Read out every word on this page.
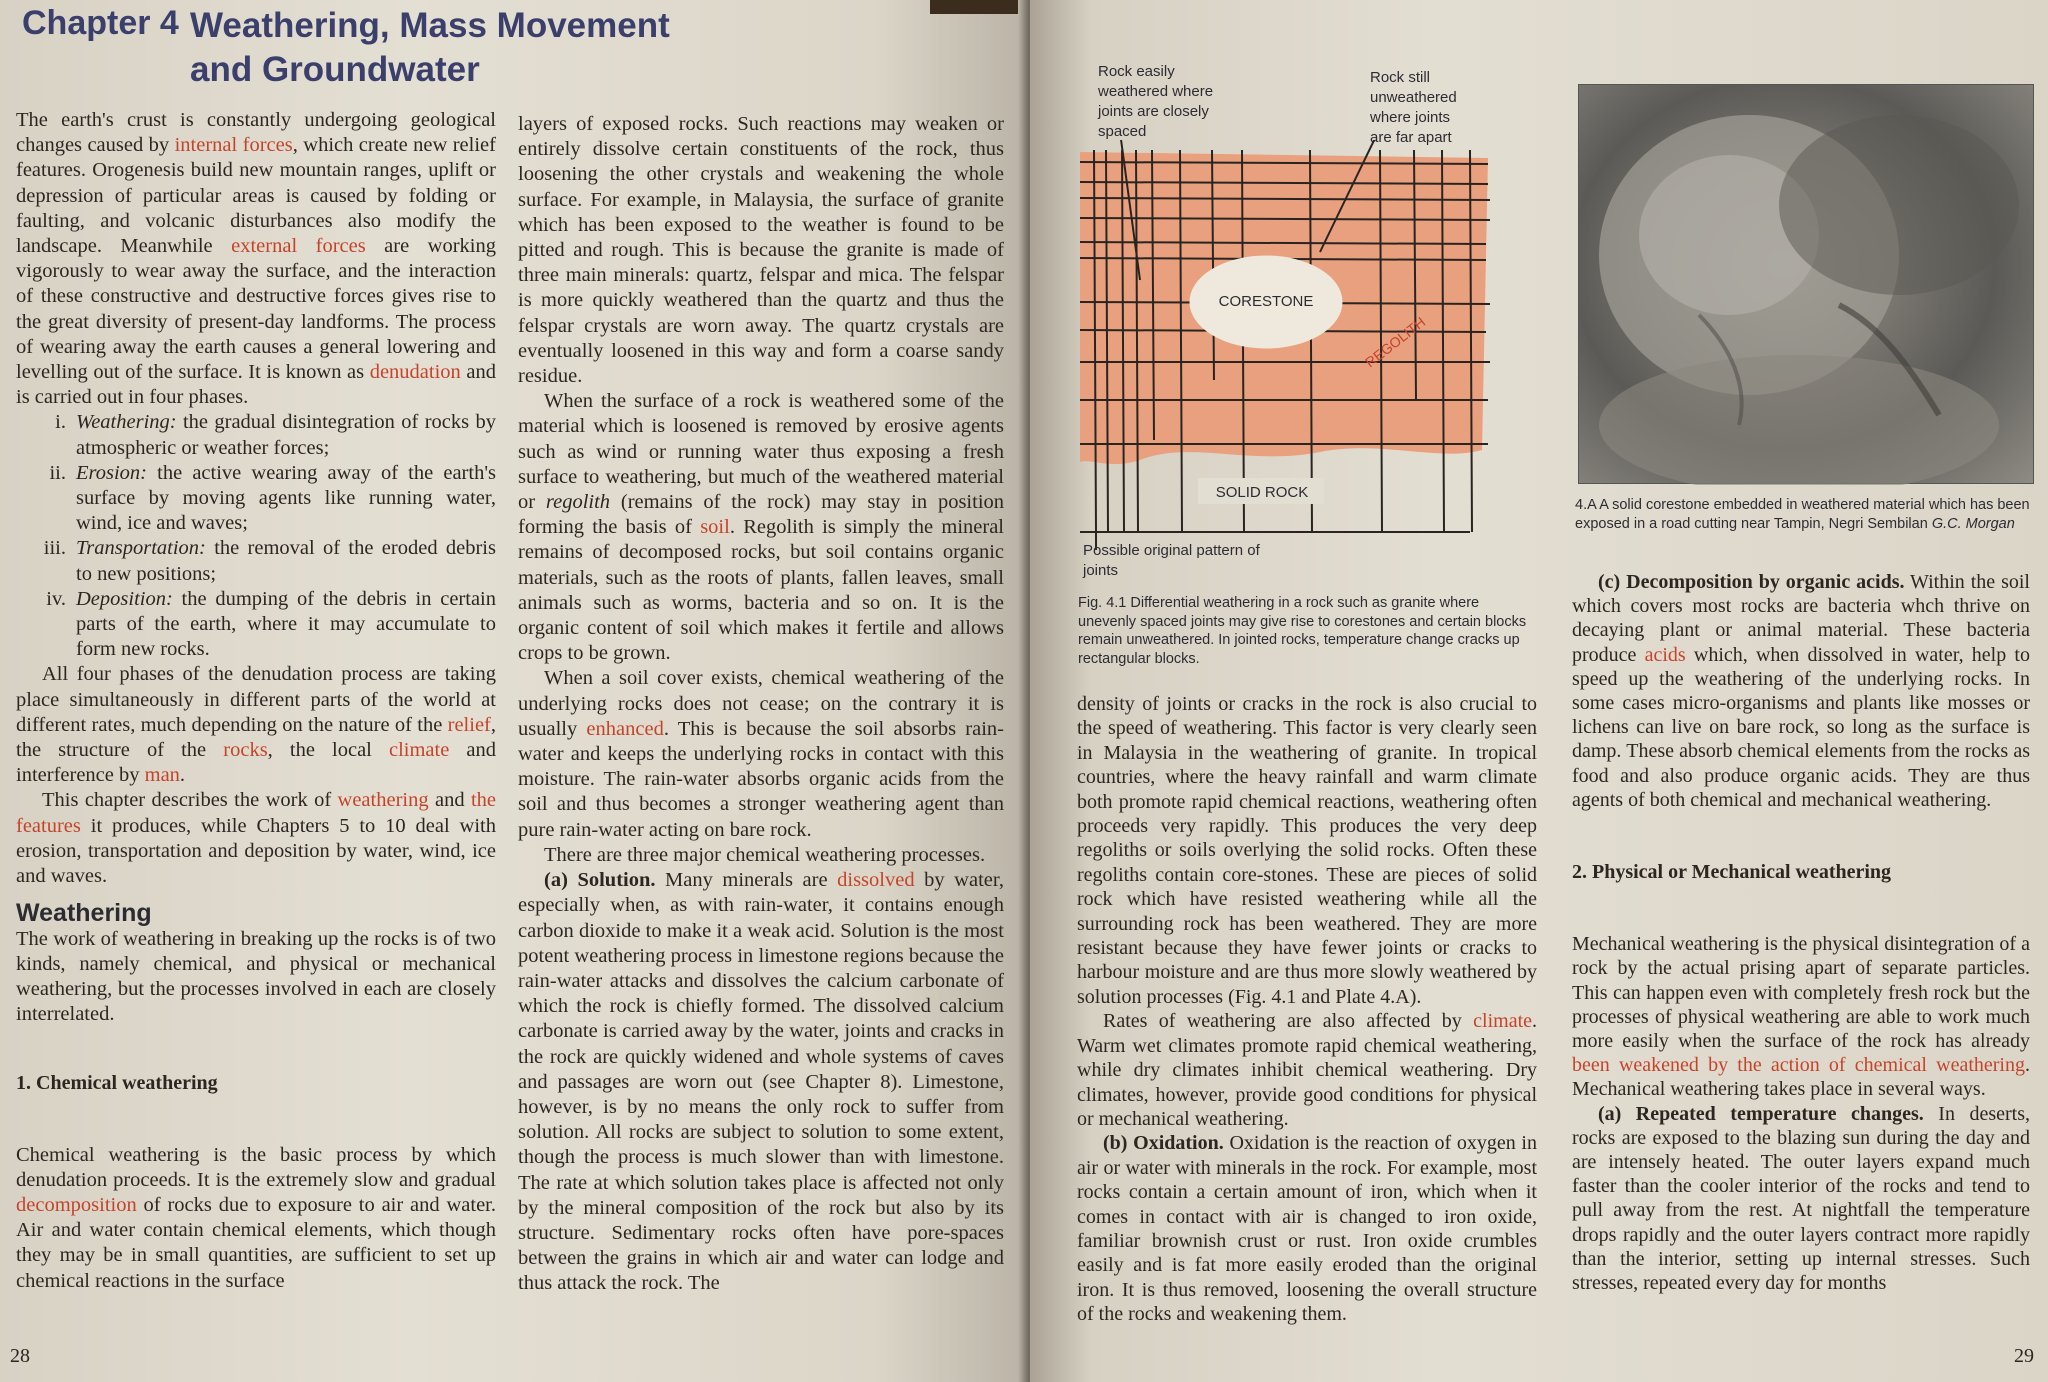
Chapter 4 Weathering, Mass Movement and Groundwater

The earth's crust is constantly undergoing geological changes caused by internal forces, which create new relief features. Orogenesis build new mountain ranges, uplift or depression of particular areas is caused by folding or faulting, and volcanic disturbances also modify the landscape. Meanwhile external forces are working vigorously to wear away the surface, and the interaction of these constructive and destructive forces gives rise to the great diversity of present-day landforms. The process of wearing away the earth causes a general lowering and levelling out of the surface. It is known as denudation and is carried out in four phases.

i. Weathering: the gradual disintegration of rocks by atmospheric or weather forces;
ii. Erosion: the active wearing away of the earth's surface by moving agents like running water, wind, ice and waves;
iii. Transportation: the removal of the eroded debris to new positions;
iv. Deposition: the dumping of the debris in certain parts of the earth, where it may accumulate to form new rocks.

All four phases of the denudation process are taking place simultaneously in different parts of the world at different rates, much depending on the nature of the relief, the structure of the rocks, the local climate and interference by man.

This chapter describes the work of weathering and the features it produces, while Chapters 5 to 10 deal with erosion, transportation and deposition by water, wind, ice and waves.

Weathering

The work of weathering in breaking up the rocks is of two kinds, namely chemical, and physical or mechanical weathering, but the processes involved in each are closely interrelated.

1. Chemical weathering

Chemical weathering is the basic process by which denudation proceeds. It is the extremely slow and gradual decomposition of rocks due to exposure to air and water. Air and water contain chemical elements, which though they may be in small quantities, are sufficient to set up chemical reactions in the surface

layers of exposed rocks. Such reactions may weaken or entirely dissolve certain constituents of the rock, thus loosening the other crystals and weakening the whole surface. For example, in Malaysia, the surface of granite which has been exposed to the weather is found to be pitted and rough. This is because the granite is made of three main minerals: quartz, felspar and mica. The felspar is more quickly weathered than the quartz and thus the felspar crystals are worn away. The quartz crystals are eventually loosened in this way and form a coarse sandy residue.

When the surface of a rock is weathered some of the material which is loosened is removed by erosive agents such as wind or running water thus exposing a fresh surface to weathering, but much of the weathered material or regolith (remains of the rock) may stay in position forming the basis of soil. Regolith is simply the mineral remains of decomposed rocks, but soil contains organic materials, such as the roots of plants, fallen leaves, small animals such as worms, bacteria and so on. It is the organic content of soil which makes it fertile and allows crops to be grown.

When a soil cover exists, chemical weathering of the underlying rocks does not cease; on the contrary it is usually enhanced. This is because the soil absorbs rain-water and keeps the underlying rocks in contact with this moisture. The rain-water absorbs organic acids from the soil and thus becomes a stronger weathering agent than pure rain-water acting on bare rock.

There are three major chemical weathering processes.

(a) Solution. Many minerals are dissolved by water, especially when, as with rain-water, it contains enough carbon dioxide to make it a weak acid. Solution is the most potent weathering process in limestone regions because the rain-water attacks and dissolves the calcium carbonate of which the rock is chiefly formed. The dissolved calcium carbonate is carried away by the water, joints and cracks in the rock are quickly widened and whole systems of caves and passages are worn out (see Chapter 8). Limestone, however, is by no means the only rock to suffer from solution. All rocks are subject to solution to some extent, though the process is much slower than with limestone. The rate at which solution takes place is affected not only by the mineral composition of the rock but also by its structure. Sedimentary rocks often have pore-spaces between the grains in which air and water can lodge and thus attack the rock. The

28	29
Rock easily weathered where joints are closely spaced
Rock still unweathered where joints are far apart
CORESTONE
REGOLITH
SOLID ROCK
Possible original pattern of joints
Fig. 4.1 Differential weathering in a rock such as granite where unevenly spaced joints may give rise to corestones and certain blocks remain unweathered. In jointed rocks, temperature change cracks up rectangular blocks.
4.A A solid corestone embedded in weathered material which has been exposed in a road cutting near Tampin, Negri Sembilan G.C. Morgan

density of joints or cracks in the rock is also crucial to the speed of weathering. This factor is very clearly seen in Malaysia in the weathering of granite. In tropical countries, where the heavy rainfall and warm climate both promote rapid chemical reactions, weathering often proceeds very rapidly. This produces the very deep regoliths or soils overlying the solid rocks. Often these regoliths contain core-stones. These are pieces of solid rock which have resisted weathering while all the surrounding rock has been weathered. They are more resistant because they have fewer joints or cracks to harbour moisture and are thus more slowly weathered by solution processes (Fig. 4.1 and Plate 4.A).

Rates of weathering are also affected by climate. Warm wet climates promote rapid chemical weathering, while dry climates inhibit chemical weathering. Dry climates, however, provide good conditions for physical or mechanical weathering.

(b) Oxidation. Oxidation is the reaction of oxygen in air or water with minerals in the rock. For example, most rocks contain a certain amount of iron, which when it comes in contact with air is changed to iron oxide, familiar brownish crust or rust. Iron oxide crumbles easily and is fat more easily eroded than the original iron. It is thus removed, loosening the overall structure of the rocks and weakening them.

(c) Decomposition by organic acids. Within the soil which covers most rocks are bacteria whch thrive on decaying plant or animal material. These bacteria produce acids which, when dissolved in water, help to speed up the weathering of the underlying rocks. In some cases micro-organisms and plants like mosses or lichens can live on bare rock, so long as the surface is damp. These absorb chemical elements from the rocks as food and also produce organic acids. They are thus agents of both chemical and mechanical weathering.

2. Physical or Mechanical weathering

Mechanical weathering is the physical disintegration of a rock by the actual prising apart of separate particles. This can happen even with completely fresh rock but the processes of physical weathering are able to work much more easily when the surface of the rock has already been weakened by the action of chemical weathering. Mechanical weathering takes place in several ways.

(a) Repeated temperature changes. In deserts, rocks are exposed to the blazing sun during the day and are intensely heated. The outer layers expand much faster than the cooler interior of the rocks and tend to pull away from the rest. At nightfall the temperature drops rapidly and the outer layers contract more rapidly than the interior, setting up internal stresses. Such stresses, repeated every day for months
